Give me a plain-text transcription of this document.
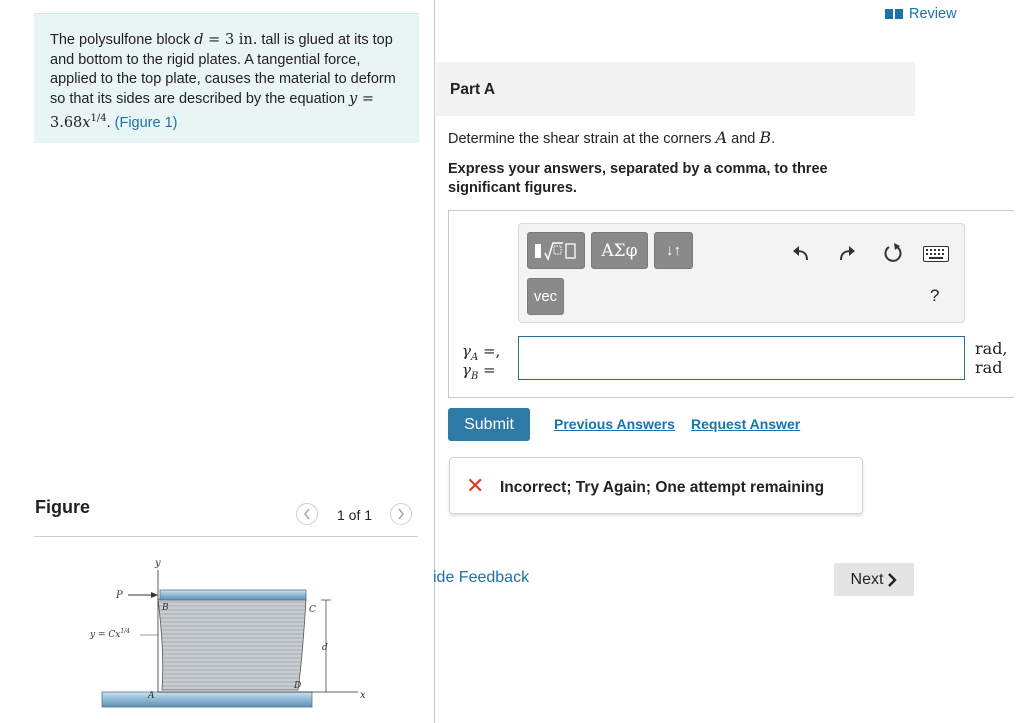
The polysulfone block d = 3 in. tall is glued at its top and bottom to the rigid plates. A tangential force, applied to the top plate, causes the material to deform so that its sides are described by the equation $y = 3.68x^{1/4}$. (Figure 1)
Figure	1 of 1
y
x
P
B	C
A
D
d
$y = Cx^{1/4}$
Review
Part A
Determine the shear strain at the corners A and B.
Express your answers, separated by a comma, to three significant figures.
ΑΣφ	↓↑
vec	?
$\gamma_A$ =,
$\gamma_B$ =
rad,
rad
Submit	Previous Answers Request Answer
✕ Incorrect; Try Again; One attempt remaining
ide Feedback	Next
